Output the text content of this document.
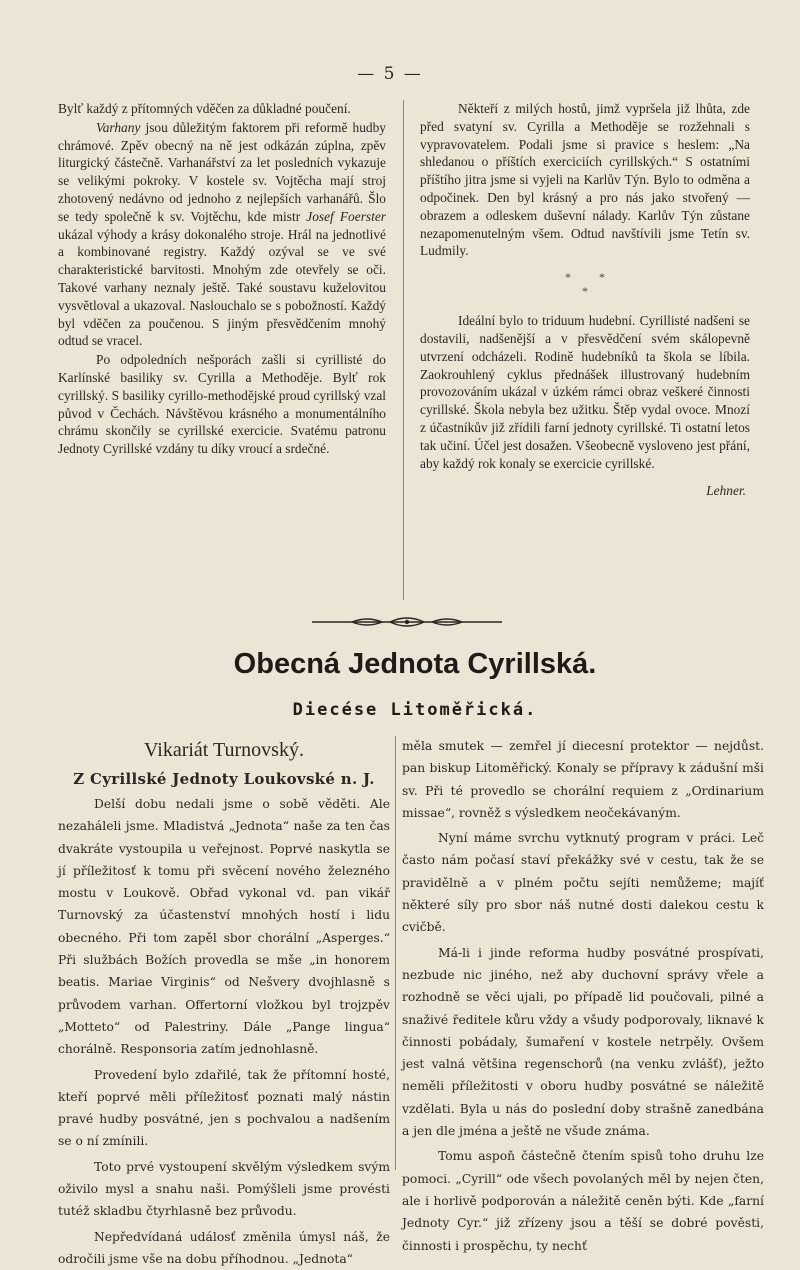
— 5 —

Bylť každý z přítomných vděčen za důkladné poučení.

Varhany jsou důležitým faktorem při reformě hudby chrámové. Zpěv obecný na ně jest odkázán zúplna, zpěv liturgický částečně. Varhanářství za let posledních vykazuje se velikými pokroky. V kostele sv. Vojtěcha mají stroj zhotovený nedávno od jednoho z nejlepších varhanářů. Šlo se tedy společně k sv. Vojtěchu, kde mistr Josef Foerster ukázal výhody a krásy dokonalého stroje. Hrál na jednotlivé a kombinované registry. Každý ozýval se ve své charakteristické barvitosti. Mnohým zde otevřely se oči. Takové varhany neznaly ještě. Také soustavu kuželovitou vysvětloval a ukazoval. Naslouchalo se s pobožností. Každý byl vděčen za poučenou. S jiným přesvědčením mnohý odtud se vracel.

Po odpoledních nešporách zašli si cyrillisté do Karlínské basiliky sv. Cyrilla a Methoděje. Bylť rok cyrillský. S basiliky cyrillo-methodějské proud cyrillský vzal původ v Čechách. Návštěvou krásného a monumentálního chrámu skončily se cyrillské exercicie. Svatému patronu Jednoty Cyrillské vzdány tu díky vroucí a srdečné.

Někteří z milých hostů, jimž vypršela již lhůta, zde před svatyní sv. Cyrilla a Methoděje se rozžehnali s vypravovatelem. Podali jsme si pravice s heslem: „Na shledanou o příštích exerciciích cyrillských.“ S ostatními příštího jitra jsme si vyjeli na Karlův Týn. Bylo to odměna a odpočinek. Den byl krásný a pro nás jako stvořený — obrazem a odleskem duševní nálady. Karlův Týn zůstane nezapomenutelným všem. Odtud navštívili jsme Tetín sv. Ludmily.

* *
*

Ideální bylo to triduum hudební. Cyrillisté nadšeni se dostavili, nadšenější a v přesvědčení svém skálopevně utvrzení odcházeli. Rodině hudebníků ta škola se líbila. Zaokrouhlený cyklus přednášek illustrovaný hudebním provozováním ukázal v úzkém rámci obraz veškeré činnosti cyrillské. Škola nebyla bez užitku. Štěp vydal ovoce. Mnozí z účastníkův již zřídili farní jednoty cyrillské. Ti ostatní letos tak učiní. Účel jest dosažen. Všeobecně vysloveno jest přání, aby každý rok konaly se exercicie cyrillské.

Lehner.
Obecná Jednota Cyrillská.
Diecése Litoměřická.
Vikariát Turnovský.
Z Cyrillské Jednoty Loukovské n. J.

Delší dobu nedali jsme o sobě věděti. Ale nezaháleli jsme. Mladistvá „Jednota“ naše za ten čas dvakráte vystoupila u veřejnost. Poprvé naskytla se jí příležitosť k tomu při svěcení nového železného mostu v Loukově. Obřad vykonal vd. pan vikář Turnovský za účastenství mnohých hostí i lidu obecného. Při tom zapěl sbor chorální „Asperges.“ Při službách Božích provedla se mše „in honorem beatis. Mariae Virginis“ od Nešvery dvojhlasně s průvodem varhan. Offertorní vložkou byl trojzpěv „Motteto“ od Palestriny. Dále „Pange lingua“ chorálně. Responsoria zatím jednohlasně.

Provedení bylo zdařilé, tak že přítomní hosté, kteří poprvé měli příležitosť poznati malý nástin pravé hudby posvátné, jen s pochvalou a nadšením se o ní zmínili.

Toto prvé vystoupení skvělým výsledkem svým oživilo mysl a snahu naši. Pomýšleli jsme provésti tutéž skladbu čtyrhlasně bez průvodu.

Nepředvídaná událosť změnila úmysl náš, že odročili jsme vše na dobu příhodnou. „Jednota“

měla smutek — zemřel jí diecesní protektor — nejdůst. pan biskup Litoměřický. Konaly se přípravy k zádušní mši sv. Při té provedlo se chorální requiem z „Ordinarium missae“, rovněž s výsledkem neočekávaným.

Nyní máme svrchu vytknutý program v práci. Leč často nám počasí staví překážky své v cestu, tak že se pravidělně a v plném počtu sejíti nemůžeme; majíť některé síly pro sbor náš nutné dosti dalekou cestu k cvičbě.

Má-li i jinde reforma hudby posvátné prospívati, nezbude nic jiného, než aby duchovní správy vřele a rozhodně se věci ujali, po případě lid poučovali, pilné a snaživé ředitele kůru vždy a všudy podporovaly, liknavé k činnosti pobádaly, šumaření v kostele netrpěly. Ovšem jest valná většina regenschorů (na venku zvlášť), ježto neměli příležitosti v oboru hudby posvátné se náležitě vzdělati. Byla u nás do poslední doby strašně zanedbána a jen dle jména a ještě ne všude známa.

Tomu aspoň částečně čtením spisů toho druhu lze pomoci. „Cyrill“ ode všech povolaných měl by nejen čten, ale i horlivě podporován a náležitě ceněn býti. Kde „farní Jednoty Cyr.“ již zřízeny jsou a těší se dobré pověsti, činnosti i prospěchu, ty nechť
